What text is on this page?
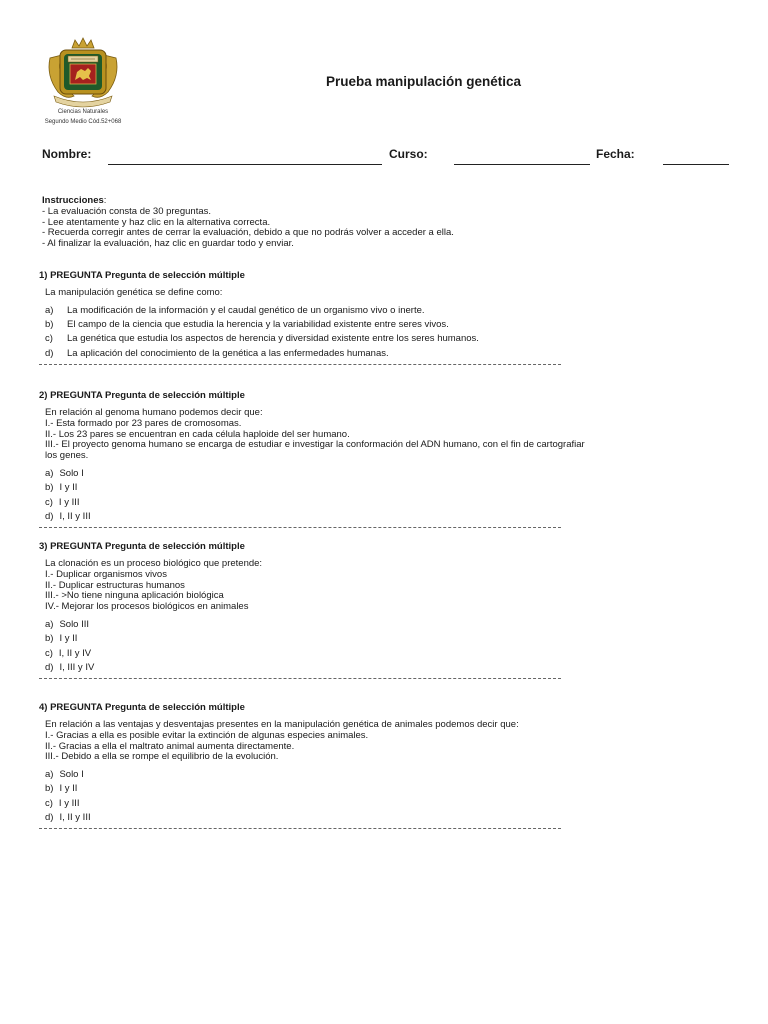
Ciencias Naturales
Segundo Medio Cód.52+068
Prueba manipulación genética
Nombre:	Curso:	Fecha:
Instrucciones:
- La evaluación consta de 30 preguntas.
- Lee atentamente y haz clic en la alternativa correcta.
- Recuerda corregir antes de cerrar la evaluación, debido a que no podrás volver a acceder a ella.
- Al finalizar la evaluación, haz clic en guardar todo y enviar.
1) PREGUNTA Pregunta de selección múltiple
La manipulación genética se define como:
a) La modificación de la información y el caudal genético de un organismo vivo o inerte.
b) El campo de la ciencia que estudia la herencia y la variabilidad existente entre seres vivos.
c) La genética que estudia los aspectos de herencia y diversidad existente entre los seres humanos.
d) La aplicación del conocimiento de la genética a las enfermedades humanas.
2) PREGUNTA Pregunta de selección múltiple
En relación al genoma humano podemos decir que:
I.- Esta formado por 23 pares de cromosomas.
II.- Los 23 pares se encuentran en cada célula haploide del ser humano.
III.- El proyecto genoma humano se encarga de estudiar e investigar la conformación del ADN humano, con el fin de cartografiar los genes.
a) Solo I
b) I y II
c) I y III
d) I, II y III
3) PREGUNTA Pregunta de selección múltiple
La clonación es un proceso biológico que pretende:
I.- Duplicar organismos vivos
II.- Duplicar estructuras humanos
III.- >No tiene ninguna aplicación biológica
IV.- Mejorar los procesos biológicos en animales
a) Solo III
b) I y II
c) I, II y IV
d) I, III y IV
4) PREGUNTA Pregunta de selección múltiple
En relación a las ventajas y desventajas presentes en la manipulación genética de animales podemos decir que:
I.- Gracias a ella es posible evitar la extinción de algunas especies animales.
II.- Gracias a ella el maltrato animal aumenta directamente.
III.- Debido a ella se rompe el equilibrio de la evolución.
a) Solo I
b) I y II
c) I y III
d) I, II y III
